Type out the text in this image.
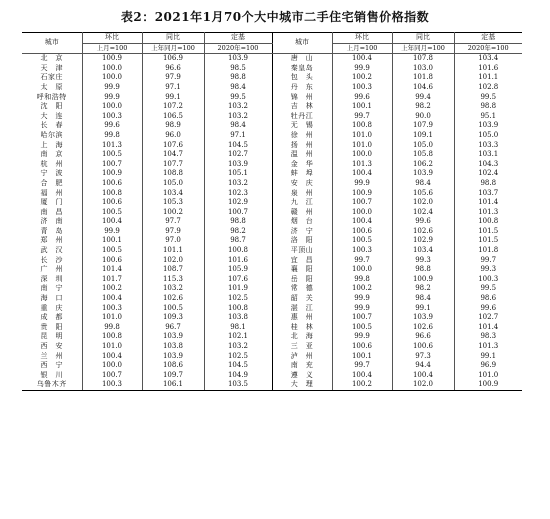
表2：2021年1月70个大中城市二手住宅销售价格指数
城市	环比	同比	定基	城市	环比	同比	定基
	上月=100	上年同月=100	2020年=100		上月=100	上年同月=100	2020年=100
北　京	100.9	106.9	103.9	唐　山	100.4	107.8	103.4
天　津	100.0	96.6	98.5	秦皇岛	99.9	103.0	101.6
石家庄	100.0	97.9	98.8	包　头	100.2	101.8	101.1
太　原	99.9	97.1	98.4	丹　东	100.3	104.6	102.8
呼和浩特	99.9	99.1	99.5	锦　州	99.6	99.4	99.5
沈　阳	100.0	107.2	103.2	吉　林	100.1	98.2	98.8
大　连	100.3	106.5	103.2	牡丹江	99.7	90.0	95.1
长　春	99.6	98.9	98.4	无　锡	100.8	107.9	103.9
哈尔滨	99.8	96.0	97.1	徐　州	101.0	109.1	105.0
上　海	101.3	107.6	104.5	扬　州	101.0	105.0	103.3
南　京	100.5	104.7	102.7	温　州	100.0	105.8	103.1
杭　州	100.7	107.7	103.9	金　华	101.3	106.2	104.3
宁　波	100.9	108.8	105.1	蚌　埠	100.4	103.9	102.4
合　肥	100.6	105.0	103.2	安　庆	99.9	98.4	98.8
福　州	100.8	103.4	102.3	泉　州	100.9	105.6	103.7
厦　门	100.6	105.3	102.9	九　江	100.7	102.0	101.4
南　昌	100.5	100.2	100.7	赣　州	100.0	102.4	101.3
济　南	100.4	97.7	98.8	烟　台	100.4	99.6	100.8
青　岛	99.9	97.9	98.2	济　宁	100.6	102.6	101.5
郑　州	100.1	97.0	98.7	洛　阳	100.5	102.9	101.5
武　汉	100.5	101.1	100.8	平顶山	100.3	103.4	101.8
长　沙	100.6	102.0	101.6	宜　昌	99.7	99.3	99.7
广　州	101.4	108.7	105.9	襄　阳	100.0	98.8	99.3
深　圳	101.7	115.3	107.6	岳　阳	99.8	100.9	100.3
南　宁	100.2	103.2	101.9	常　德	100.2	98.2	99.5
海　口	100.4	102.6	102.5	韶　关	99.9	98.4	98.6
重　庆	100.3	100.5	100.8	湛　江	99.9	99.1	99.6
成　都	101.0	109.3	103.8	惠　州	100.7	103.9	102.7
贵　阳	99.8	96.7	98.1	桂　林	100.5	102.6	101.4
昆　明	100.8	103.9	102.1	北　海	99.9	96.6	98.3
西　安	101.0	103.8	103.2	三　亚	100.6	100.6	101.3
兰　州	100.4	103.9	102.5	泸　州	100.1	97.3	99.1
西　宁	100.0	108.6	104.5	南　充	99.7	94.4	96.9
银　川	100.7	109.7	104.9	遵　义	100.4	100.4	101.0
乌鲁木齐	100.3	106.1	103.5	大　理	100.2	102.0	100.9
